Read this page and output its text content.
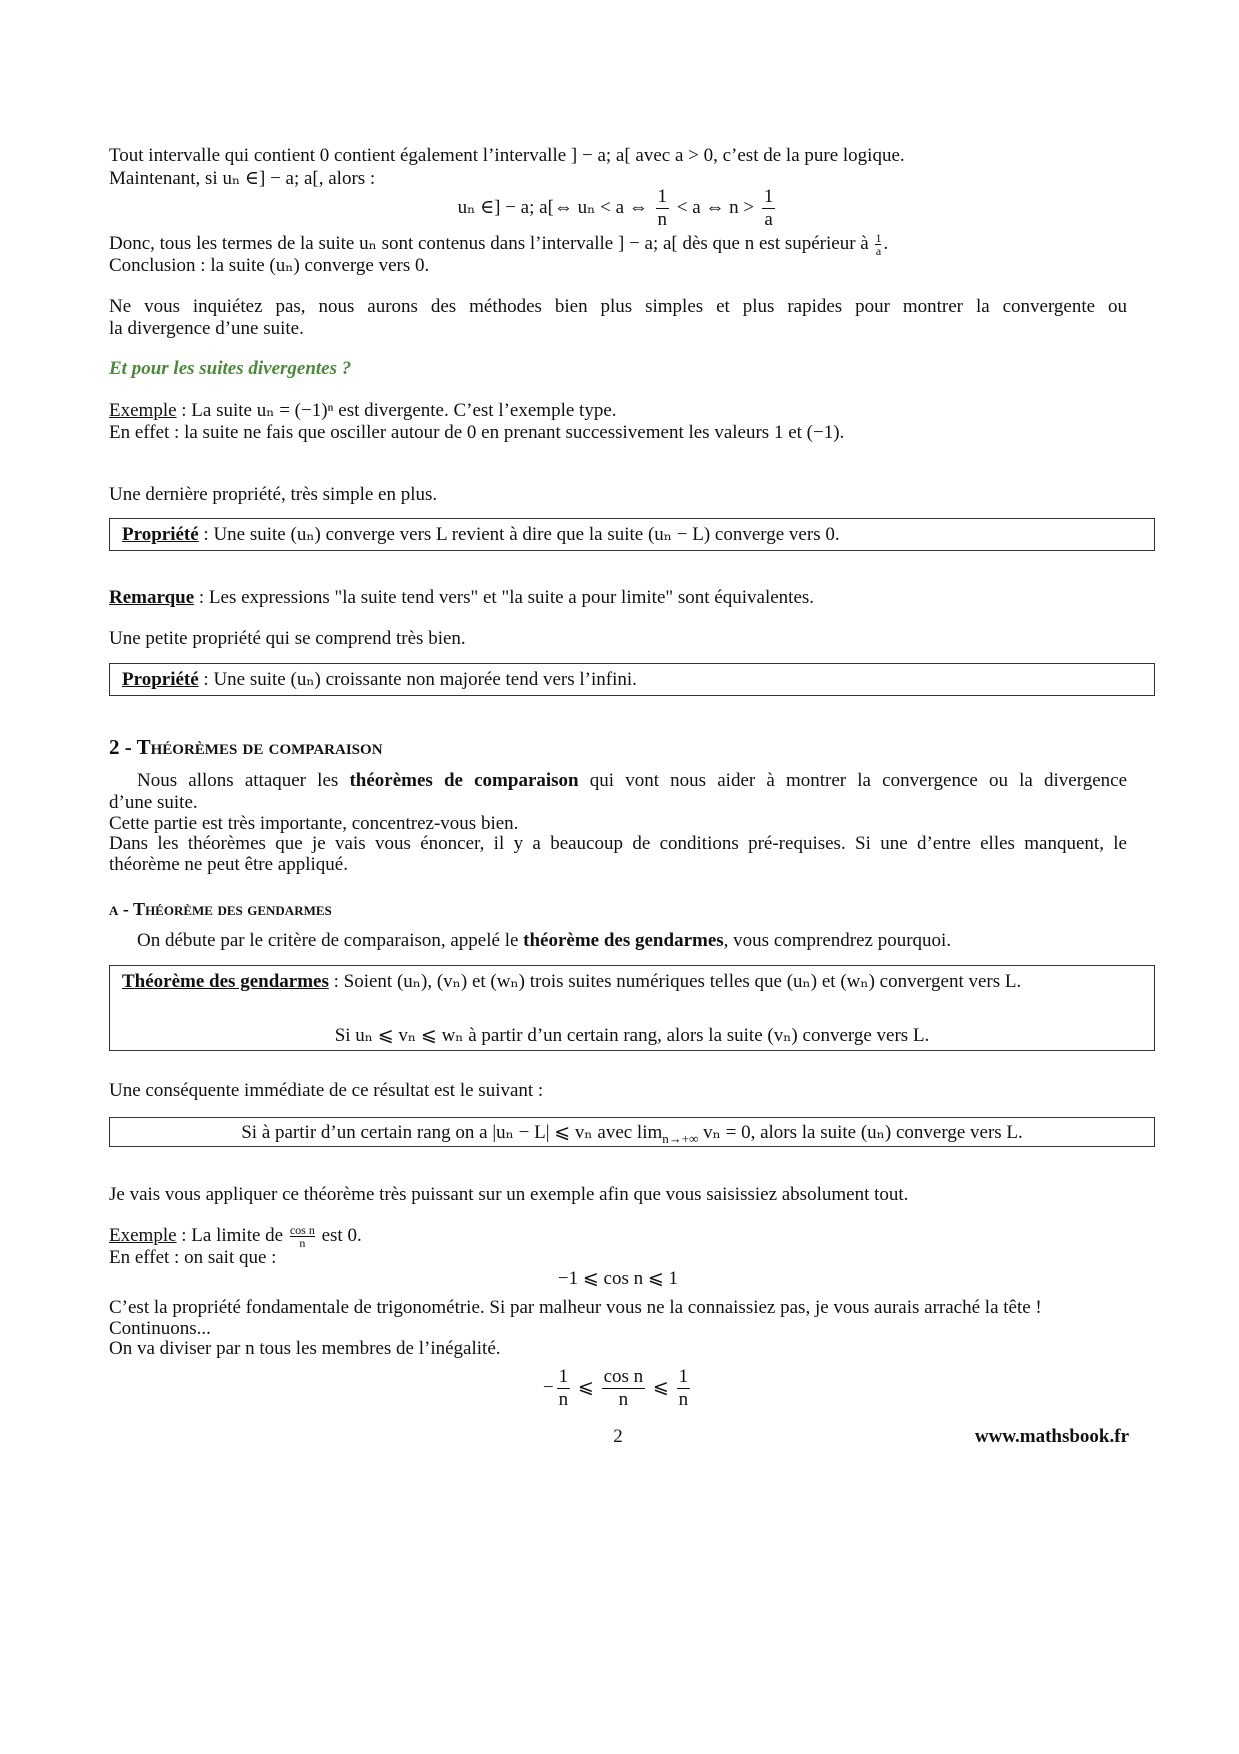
Tout intervalle qui contient 0 contient également l’intervalle ] − a; a[ avec a > 0, c’est de la pure logique.
Maintenant, si uₙ ∈] − a; a[, alors :
uₙ ∈] − a; a[⇔ uₙ < a ⇔ $\frac{1}{n} < a$ ⇔ $n > \frac{1}{a}$
Donc, tous les termes de la suite uₙ sont contenus dans l’intervalle ] − a; a[ dès que n est supérieur à $\frac{1}{a}$ .
Conclusion : la suite (uₙ) converge vers 0.
Ne vous inquiétez pas, nous aurons des méthodes bien plus simples et plus rapides pour montrer la convergente ou
la divergence d’une suite.
Et pour les suites divergentes ?
Exemple : La suite uₙ = (−1)ⁿ est divergente. C’est l’exemple type.
En effet : la suite ne fais que osciller autour de 0 en prenant successivement les valeurs 1 et (−1).
Une dernière propriété, très simple en plus.
Propriété : Une suite (uₙ) converge vers L revient à dire que la suite (uₙ − L) converge vers 0.
Remarque : Les expressions "la suite tend vers" et "la suite a pour limite" sont équivalentes.
Une petite propriété qui se comprend très bien.
Propriété : Une suite (uₙ) croissante non majorée tend vers l’infini.
2 - Théorèmes de comparaison
Nous allons attaquer les théorèmes de comparaison qui vont nous aider à montrer la convergence ou la divergence
d’une suite.
Cette partie est très importante, concentrez-vous bien.
Dans les théorèmes que je vais vous énoncer, il y a beaucoup de conditions pré-requises. Si une d’entre elles manquent, le
théorème ne peut être appliqué.
a - Théorème des gendarmes
On débute par le critère de comparaison, appelé le théorème des gendarmes, vous comprendrez pourquoi.
Théorème des gendarmes : Soient (uₙ), (vₙ) et (wₙ) trois suites numériques telles que (uₙ) et (wₙ) convergent vers L.
Si uₙ ⩽ vₙ ⩽ wₙ à partir d’un certain rang, alors la suite (vₙ) converge vers L.
Une conséquente immédiate de ce résultat est le suivant :
Si à partir d’un certain rang on a |uₙ − L| ⩽ vₙ avec $\lim_{n\to+\infty} v_n = 0$, alors la suite (uₙ) converge vers L.
Je vais vous appliquer ce théorème très puissant sur un exemple afin que vous saisissiez absolument tout.
Exemple : La limite de $\frac{\text{cos n}}{n}$ est 0.
En effet : on sait que :
−1 ⩽ cos n ⩽ 1
C’est la propriété fondamentale de trigonométrie. Si par malheur vous ne la connaissiez pas, je vous aurais arraché la tête !
Continuons...
On va diviser par n tous les membres de l’inégalité.
− $\frac{1}{n}$ ⩽ $\frac{\text{cos n}}{n}$ ⩽ $\frac{1}{n}$
2	www.mathsbook.fr
